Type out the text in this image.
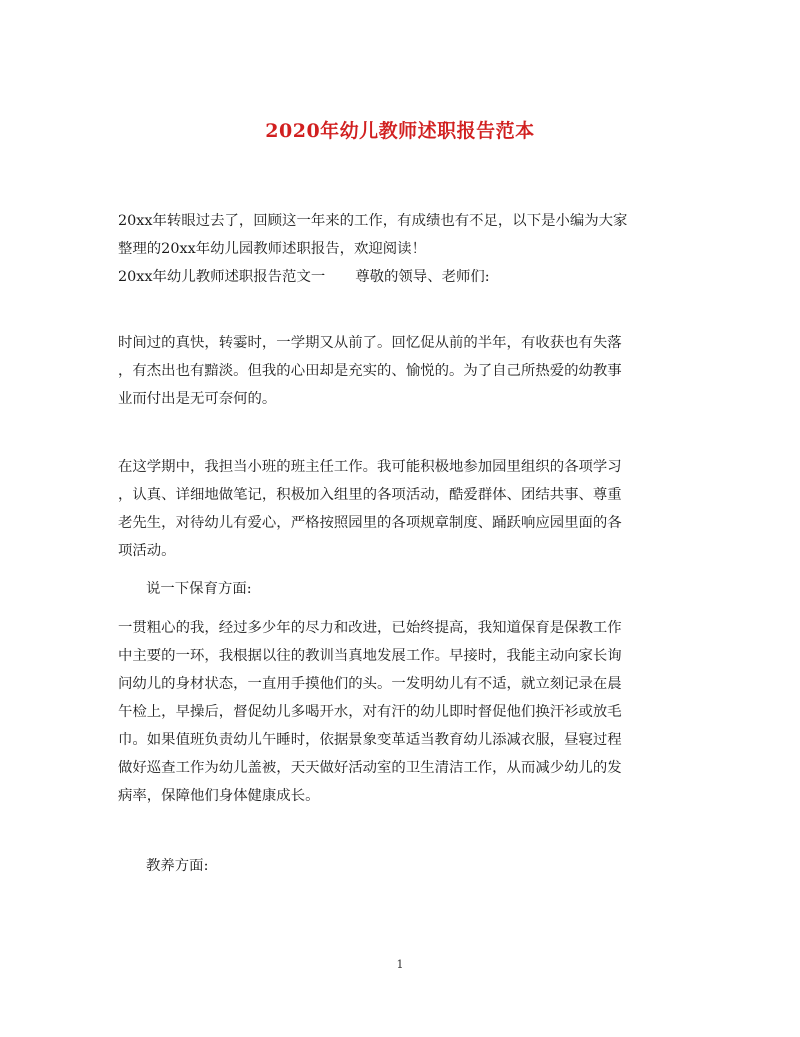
2020年幼儿教师述职报告范本
20xx年转眼过去了，回顾这一年来的工作，有成绩也有不足，以下是小编为大家
整理的20xx年幼儿园教师述职报告，欢迎阅读！
20xx年幼儿教师述职报告范文一 尊敬的领导、老师们:
时间过的真快，转霎时，一学期又从前了。回忆促从前的半年，有收获也有失落
，有杰出也有黯淡。但我的心田却是充实的、愉悦的。为了自己所热爱的幼教事
业而付出是无可奈何的。
在这学期中，我担当小班的班主任工作。我可能积极地参加园里组织的各项学习
，认真、详细地做笔记，积极加入组里的各项活动，酷爱群体、团结共事、尊重
老先生，对待幼儿有爱心，严格按照园里的各项规章制度、踊跃响应园里面的各
项活动。
说一下保育方面:
一贯粗心的我，经过多少年的尽力和改进，已始终提高，我知道保育是保教工作
中主要的一环，我根据以往的教训当真地发展工作。早接时，我能主动向家长询
问幼儿的身材状态，一直用手摸他们的头。一发明幼儿有不适，就立刻记录在晨
午检上，早操后，督促幼儿多喝开水，对有汗的幼儿即时督促他们换汗衫或放毛
巾。如果值班负责幼儿午睡时，依据景象变革适当教育幼儿添减衣服，昼寝过程
做好巡查工作为幼儿盖被，天天做好活动室的卫生清洁工作，从而减少幼儿的发
病率，保障他们身体健康成长。
教养方面:
1
